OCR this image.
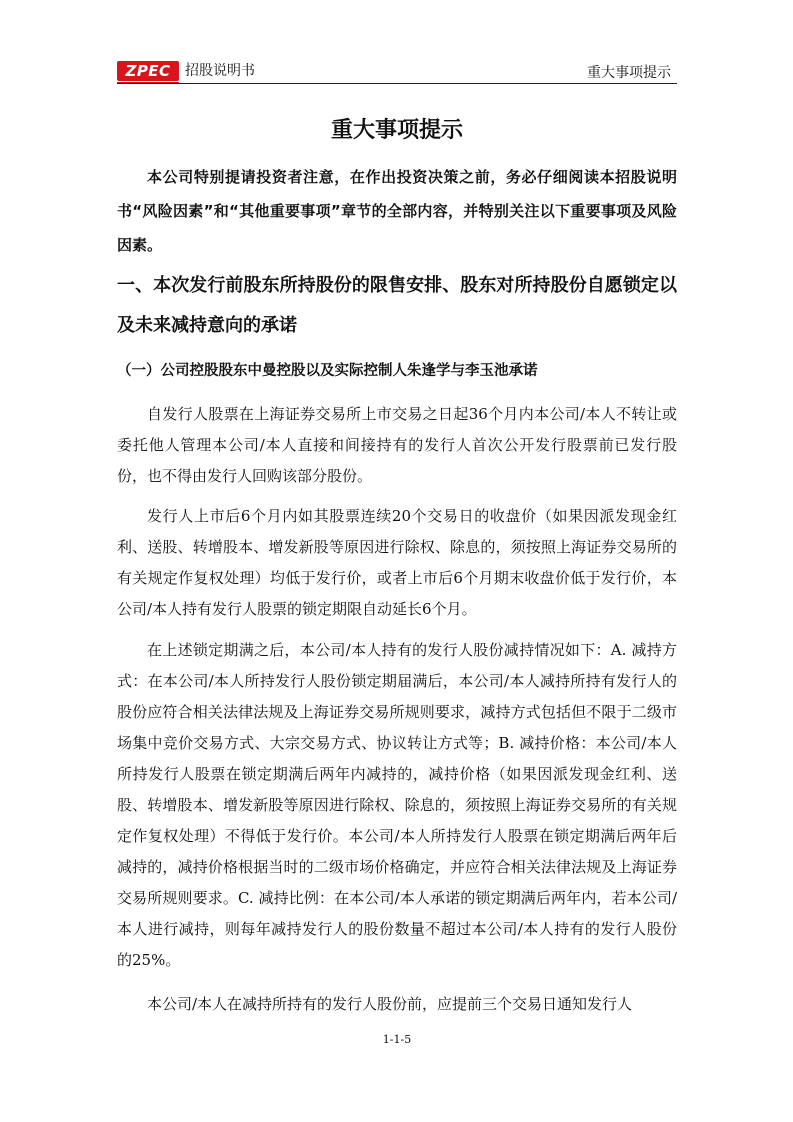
ZPEC	招股说明书	重大事项提示
重大事项提示
本公司特别提请投资者注意，在作出投资决策之前，务必仔细阅读本招股说明书“风险因素”和“其他重要事项”章节的全部内容，并特别关注以下重要事项及风险因素。
一、本次发行前股东所持股份的限售安排、股东对所持股份自愿锁定以及未来减持意向的承诺
（一）公司控股股东中曼控股以及实际控制人朱逢学与李玉池承诺
自发行人股票在上海证券交易所上市交易之日起36个月内本公司/本人不转让或委托他人管理本公司/本人直接和间接持有的发行人首次公开发行股票前已发行股份，也不得由发行人回购该部分股份。
发行人上市后6个月内如其股票连续20个交易日的收盘价（如果因派发现金红利、送股、转增股本、增发新股等原因进行除权、除息的，须按照上海证券交易所的有关规定作复权处理）均低于发行价，或者上市后6个月期末收盘价低于发行价，本公司/本人持有发行人股票的锁定期限自动延长6个月。
在上述锁定期满之后，本公司/本人持有的发行人股份减持情况如下：A. 减持方式：在本公司/本人所持发行人股份锁定期届满后，本公司/本人减持所持有发行人的股份应符合相关法律法规及上海证券交易所规则要求，减持方式包括但不限于二级市场集中竞价交易方式、大宗交易方式、协议转让方式等；B. 减持价格：本公司/本人所持发行人股票在锁定期满后两年内减持的，减持价格（如果因派发现金红利、送股、转增股本、增发新股等原因进行除权、除息的，须按照上海证券交易所的有关规定作复权处理）不得低于发行价。本公司/本人所持发行人股票在锁定期满后两年后减持的，减持价格根据当时的二级市场价格确定，并应符合相关法律法规及上海证券交易所规则要求。C. 减持比例：在本公司/本人承诺的锁定期满后两年内，若本公司/本人进行减持，则每年减持发行人的股份数量不超过本公司/本人持有的发行人股份的25%。
本公司/本人在减持所持有的发行人股份前，应提前三个交易日通知发行人
1-1-5
